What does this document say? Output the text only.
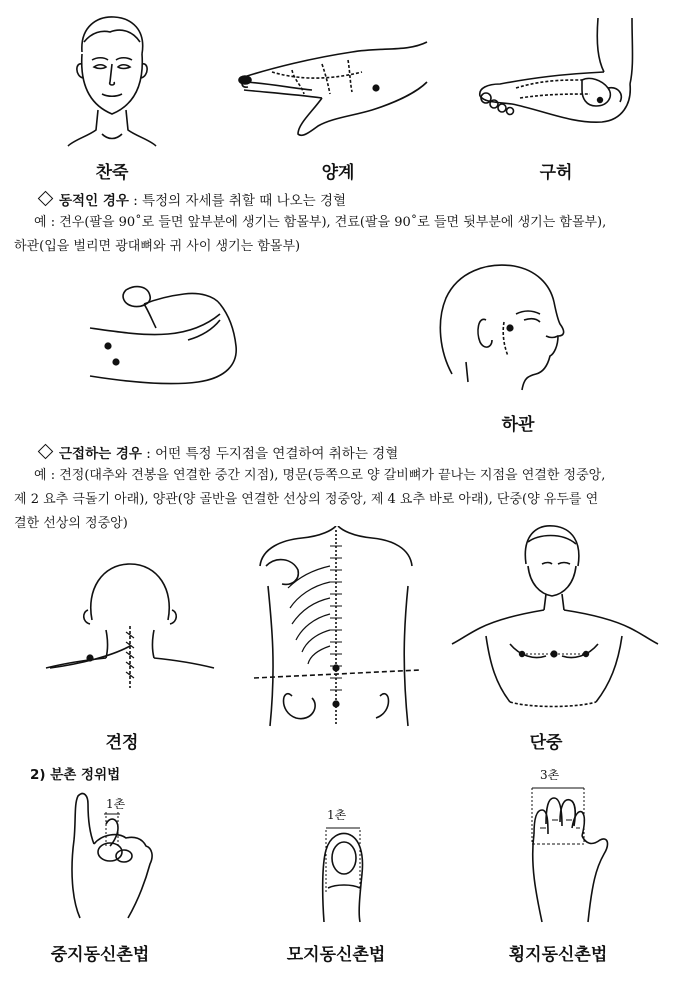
찬죽	양계	구허
동적인 경우 : 특정의 자세를 취할 때 나오는 경혈
예 : 견우(팔을 90˚로 들면 앞부분에 생기는 함몰부), 견료(팔을 90˚로 들면 뒷부분에 생기는 함몰부),
하관(입을 벌리면 광대뼈와 귀 사이 생기는 함몰부)
하관
근접하는 경우 : 어떤 특정 두지점을 연결하여 취하는 경혈
예 : 견정(대추와 견봉을 연결한 중간 지점), 명문(등쪽으로 양 갈비뼈가 끝나는 지점을 연결한 정중앙,
제 2 요추 극돌기 아래), 양관(양 골반을 연결한 선상의 정중앙, 제 4 요추 바로 아래), 단중(양 유두를 연
결한 선상의 정중앙)
견정	단중
2) 분촌 정위법
1촌
중지동신촌법
1촌
모지동신촌법
3촌
횡지동신촌법
